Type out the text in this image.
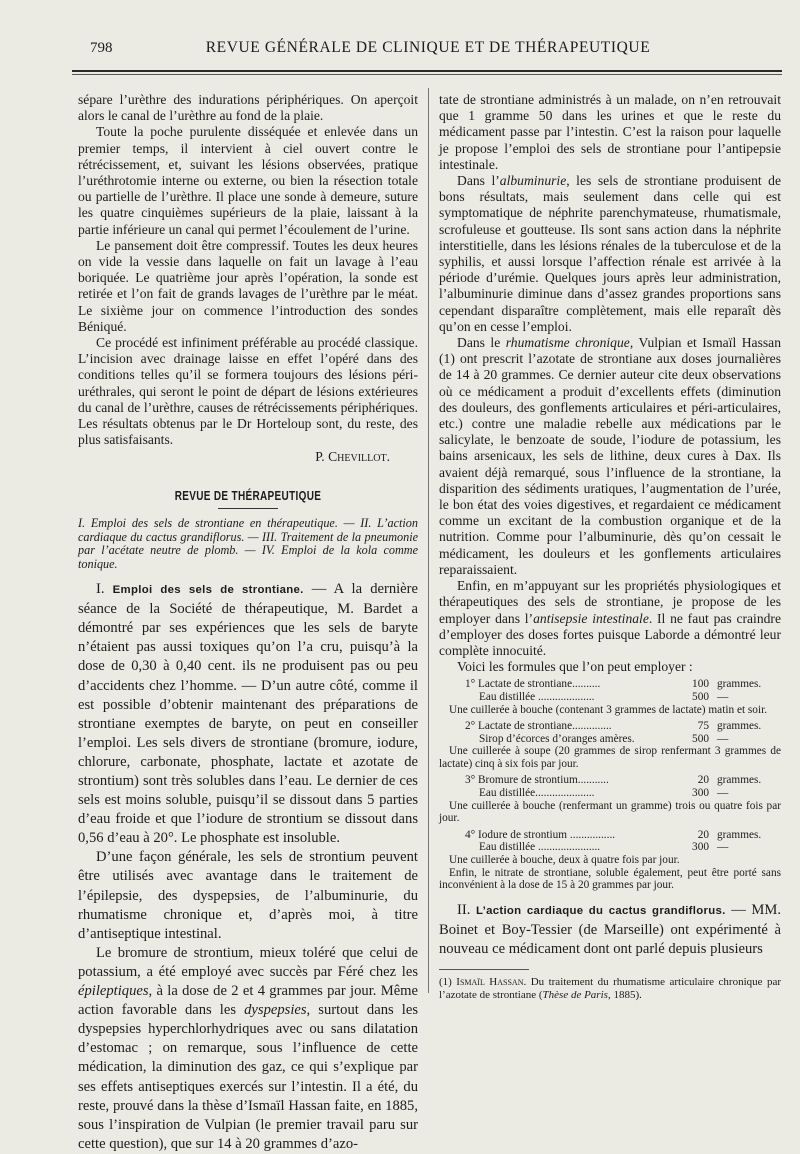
798	REVUE GÉNÉRALE DE CLINIQUE ET DE THÉRAPEUTIQUE

sépare l’urèthre des indurations périphériques. On aperçoit alors le canal de l’urèthre au fond de la plaie.

Toute la poche purulente disséquée et enlevée dans un premier temps, il intervient à ciel ouvert contre le rétrécissement, et, suivant les lésions observées, pratique l’uréthrotomie interne ou externe, ou bien la résection totale ou partielle de l’urèthre. Il place une sonde à demeure, suture les quatre cinquièmes supérieurs de la plaie, laissant à la partie inférieure un canal qui permet l’écoulement de l’urine.

Le pansement doit être compressif. Toutes les deux heures on vide la vessie dans laquelle on fait un lavage à l’eau boriquée. Le quatrième jour après l’opération, la sonde est retirée et l’on fait de grands lavages de l’urèthre par le méat. Le sixième jour on commence l’introduction des sondes Béniqué.

Ce procédé est infiniment préférable au procédé classique. L’incision avec drainage laisse en effet l’opéré dans des conditions telles qu’il se formera toujours des lésions péri-uréthrales, qui seront le point de départ de lésions extérieures du canal de l’urèthre, causes de rétrécissements périphériques. Les résultats obtenus par le Dr Horteloup sont, du reste, des plus satisfaisants.

P. Chevillot.

REVUE DE THÉRAPEUTIQUE

I. Emploi des sels de strontiane en thérapeutique. — II. L’action cardiaque du cactus grandiflorus. — III. Traitement de la pneumonie par l’acétate neutre de plomb. — IV. Emploi de la kola comme tonique.

I. Emploi des sels de strontiane. — A la dernière séance de la Société de thérapeutique, M. Bardet a démontré par ses expériences que les sels de baryte n’étaient pas aussi toxiques qu’on l’a cru, puisqu’à la dose de 0,30 à 0,40 cent. ils ne produisent pas ou peu d’accidents chez l’homme. — D’un autre côté, comme il est possible d’obtenir maintenant des préparations de strontiane exemptes de baryte, on peut en conseiller l’emploi. Les sels divers de strontiane (bromure, iodure, chlorure, carbonate, phosphate, lactate et azotate de strontium) sont très solubles dans l’eau. Le dernier de ces sels est moins soluble, puisqu’il se dissout dans 5 parties d’eau froide et que l’iodure de strontium se dissout dans 0,56 d’eau à 20°. Le phosphate est insoluble.

D’une façon générale, les sels de strontium peuvent être utilisés avec avantage dans le traitement de l’épilepsie, des dyspepsies, de l’albuminurie, du rhumatisme chronique et, d’après moi, à titre d’antiseptique intestinal.

Le bromure de strontium, mieux toléré que celui de potassium, a été employé avec succès par Féré chez les épileptiques, à la dose de 2 et 4 grammes par jour. Même action favorable dans les dyspepsies, surtout dans les dyspepsies hyperchlorhydriques avec ou sans dilatation d’estomac ; on remarque, sous l’influence de cette médication, la diminution des gaz, ce qui s’explique par ses effets antiseptiques exercés sur l’intestin. Il a été, du reste, prouvé dans la thèse d’Ismaïl Hassan faite, en 1885, sous l’inspiration de Vulpian (le premier travail paru sur cette question), que sur 14 à 20 grammes d’azo-

tate de strontiane administrés à un malade, on n’en retrouvait que 1 gramme 50 dans les urines et que le reste du médicament passe par l’intestin. C’est la raison pour laquelle je propose l’emploi des sels de strontiane pour l’antipepsie intestinale.

Dans l’albuminurie, les sels de strontiane produisent de bons résultats, mais seulement dans celle qui est symptomatique de néphrite parenchymateuse, rhumatismale, scrofuleuse et goutteuse. Ils sont sans action dans la néphrite interstitielle, dans les lésions rénales de la tuberculose et de la syphilis, et aussi lorsque l’affection rénale est arrivée à la période d’urémie. Quelques jours après leur administration, l’albuminurie diminue dans d’assez grandes proportions sans cependant disparaître complètement, mais elle reparaît dès qu’on en cesse l’emploi.

Dans le rhumatisme chronique, Vulpian et Ismaïl Hassan (1) ont prescrit l’azotate de strontiane aux doses journalières de 14 à 20 grammes. Ce dernier auteur cite deux observations où ce médicament a produit d’excellents effets (diminution des douleurs, des gonflements articulaires et péri-articulaires, etc.) contre une maladie rebelle aux médications par le salicylate, le benzoate de soude, l’iodure de potassium, les bains arsenicaux, les sels de lithine, deux cures à Dax. Ils avaient déjà remarqué, sous l’influence de la strontiane, la disparition des sédiments uratiques, l’augmentation de l’urée, le bon état des voies digestives, et regardaient ce médicament comme un excitant de la combustion organique et de la nutrition. Comme pour l’albuminurie, dès qu’on cessait le médicament, les douleurs et les gonflements articulaires reparaissaient.

Enfin, en m’appuyant sur les propriétés physiologiques et thérapeutiques des sels de strontiane, je propose de les employer dans l’antisepsie intestinale. Il ne faut pas craindre d’employer des doses fortes puisque Laborde a démontré leur complète innocuité.

Voici les formules que l’on peut employer :

1° Lactate de strontiane..........	100 grammes.
Eau distillée ....................	500 —

Une cuillerée à bouche (contenant 3 grammes de lactate) matin et soir.

2° Lactate de strontiane..............	75 grammes.
Sirop d’écorces d’oranges amères.	500 —

Une cuillerée à soupe (20 grammes de sirop renfermant 3 grammes de lactate) cinq à six fois par jour.

3° Bromure de strontium...........	20 grammes.
Eau distillée.....................	300 —

Une cuillerée à bouche (renfermant un gramme) trois ou quatre fois par jour.

4° Iodure de strontium ................	20 grammes.
Eau distillée ......................	300 —

Une cuillerée à bouche, deux à quatre fois par jour.

Enfin, le nitrate de strontiane, soluble également, peut être porté sans inconvénient à la dose de 15 à 20 grammes par jour.

II. L’action cardiaque du cactus grandiflorus. — MM. Boinet et Boy-Tessier (de Marseille) ont expérimenté à nouveau ce médicament dont ont parlé depuis plusieurs

(1) Ismaïl Hassan. Du traitement du rhumatisme articulaire chronique par l’azotate de strontiane (Thèse de Paris, 1885).
